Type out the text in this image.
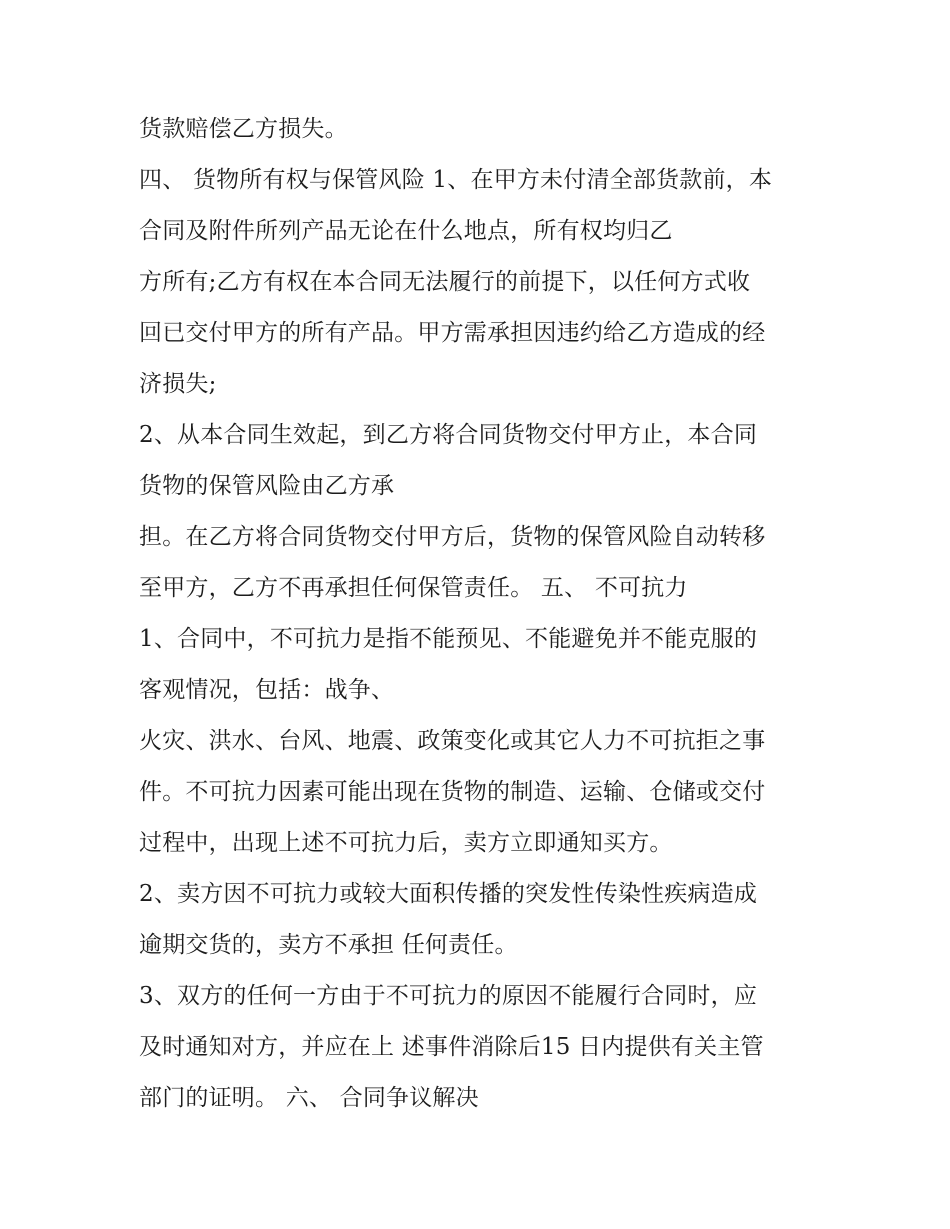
货款赔偿乙方损失。
四、 货物所有权与保管风险 1、在甲方未付清全部货款前，本
合同及附件所列产品无论在什么地点，所有权均归乙
方所有;乙方有权在本合同无法履行的前提下，以任何方式收
回已交付甲方的所有产品。甲方需承担因违约给乙方造成的经
济损失;
2、从本合同生效起，到乙方将合同货物交付甲方止，本合同
货物的保管风险由乙方承
担。在乙方将合同货物交付甲方后，货物的保管风险自动转移
至甲方，乙方不再承担任何保管责任。 五、 不可抗力
1、合同中，不可抗力是指不能预见、不能避免并不能克服的
客观情况，包括：战争、
火灾、洪水、台风、地震、政策变化或其它人力不可抗拒之事
件。不可抗力因素可能出现在货物的制造、运输、仓储或交付
过程中，出现上述不可抗力后，卖方立即通知买方。
2、卖方因不可抗力或较大面积传播的突发性传染性疾病造成
逾期交货的，卖方不承担 任何责任。
3、双方的任何一方由于不可抗力的原因不能履行合同时，应
及时通知对方，并应在上 述事件消除后15 日内提供有关主管
部门的证明。 六、 合同争议解决
